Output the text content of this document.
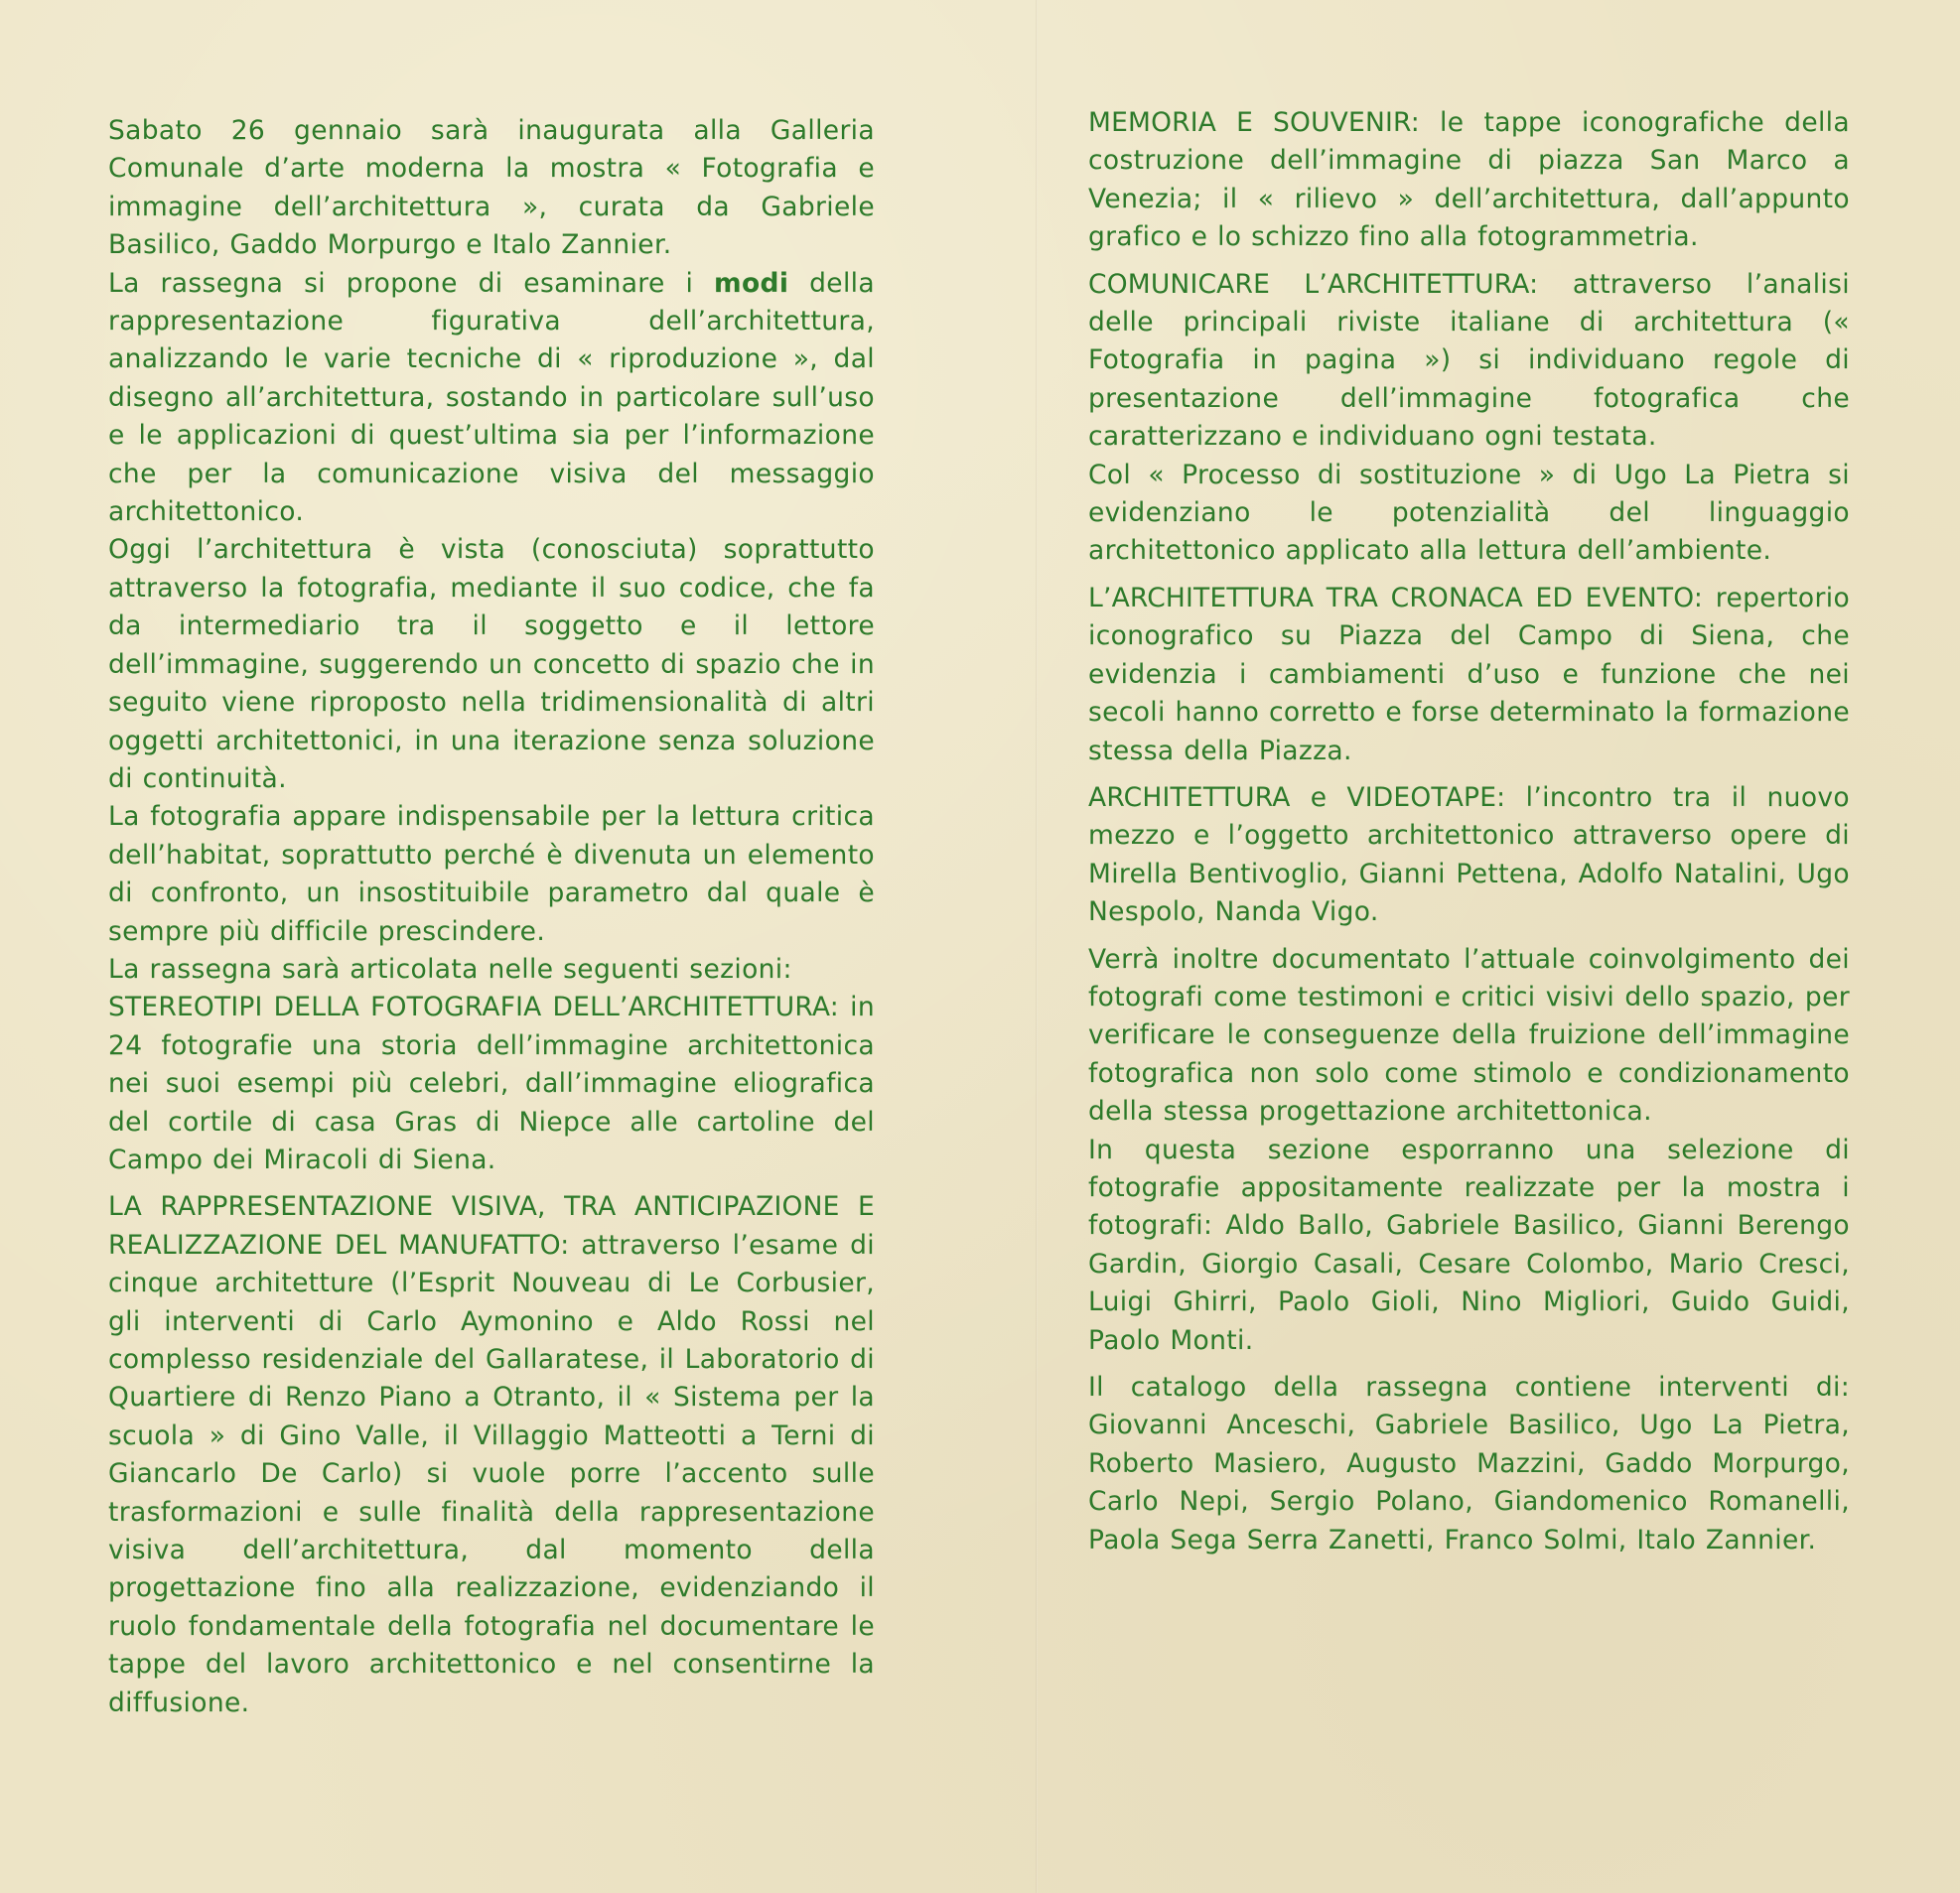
Sabato 26 gennaio sarà inaugurata alla Galleria Comunale d’arte moderna la mostra « Fotografia e immagine dell’architettura », curata da Gabriele Basilico, Gaddo Morpurgo e Italo Zannier.

La rassegna si propone di esaminare i modi della rappresentazione figurativa dell’architettura, analizzando le varie tecniche di « riproduzione », dal disegno all’architettura, sostando in particolare sull’uso e le applicazioni di quest’ultima sia per l’informazione che per la comunicazione visiva del messaggio architettonico.

Oggi l’architettura è vista (conosciuta) soprattutto attraverso la fotografia, mediante il suo codice, che fa da intermediario tra il soggetto e il lettore dell’immagine, suggerendo un concetto di spazio che in seguito viene riproposto nella tridimensionalità di altri oggetti architettonici, in una iterazione senza soluzione di continuità.

La fotografia appare indispensabile per la lettura critica dell’habitat, soprattutto perché è divenuta un elemento di confronto, un insostituibile parametro dal quale è sempre più difficile prescindere.

La rassegna sarà articolata nelle seguenti sezioni:

STEREOTIPI DELLA FOTOGRAFIA DELL’ARCHITETTURA: in 24 fotografie una storia dell’immagine architettonica nei suoi esempi più celebri, dall’immagine eliografica del cortile di casa Gras di Niepce alle cartoline del Campo dei Miracoli di Siena.

LA RAPPRESENTAZIONE VISIVA, TRA ANTICIPAZIONE E REALIZZAZIONE DEL MANUFATTO: attraverso l’esame di cinque architetture (l’Esprit Nouveau di Le Corbusier, gli interventi di Carlo Aymonino e Aldo Rossi nel complesso residenziale del Gallaratese, il Laboratorio di Quartiere di Renzo Piano a Otranto, il « Sistema per la scuola » di Gino Valle, il Villaggio Matteotti a Terni di Giancarlo De Carlo) si vuole porre l’accento sulle trasformazioni e sulle finalità della rappresentazione visiva dell’architettura, dal momento della progettazione fino alla realizzazione, evidenziando il ruolo fondamentale della fotografia nel documentare le tappe del lavoro architettonico e nel consentirne la diffusione.

MEMORIA E SOUVENIR: le tappe iconografiche della costruzione dell’immagine di piazza San Marco a Venezia; il « rilievo » dell’architettura, dall’appunto grafico e lo schizzo fino alla fotogrammetria.

COMUNICARE L’ARCHITETTURA: attraverso l’analisi delle principali riviste italiane di architettura (« Fotografia in pagina ») si individuano regole di presentazione dell’immagine fotografica che caratterizzano e individuano ogni testata.

Col « Processo di sostituzione » di Ugo La Pietra si evidenziano le potenzialità del linguaggio architettonico applicato alla lettura dell’ambiente.

L’ARCHITETTURA TRA CRONACA ED EVENTO: repertorio iconografico su Piazza del Campo di Siena, che evidenzia i cambiamenti d’uso e funzione che nei secoli hanno corretto e forse determinato la formazione stessa della Piazza.

ARCHITETTURA e VIDEOTAPE: l’incontro tra il nuovo mezzo e l’oggetto architettonico attraverso opere di Mirella Bentivoglio, Gianni Pettena, Adolfo Natalini, Ugo Nespolo, Nanda Vigo.

Verrà inoltre documentato l’attuale coinvolgimento dei fotografi come testimoni e critici visivi dello spazio, per verificare le conseguenze della fruizione dell’immagine fotografica non solo come stimolo e condizionamento della stessa progettazione architettonica.

In questa sezione esporranno una selezione di fotografie appositamente realizzate per la mostra i fotografi: Aldo Ballo, Gabriele Basilico, Gianni Berengo Gardin, Giorgio Casali, Cesare Colombo, Mario Cresci, Luigi Ghirri, Paolo Gioli, Nino Migliori, Guido Guidi, Paolo Monti.

Il catalogo della rassegna contiene interventi di: Giovanni Anceschi, Gabriele Basilico, Ugo La Pietra, Roberto Masiero, Augusto Mazzini, Gaddo Morpurgo, Carlo Nepi, Sergio Polano, Giandomenico Romanelli, Paola Sega Serra Zanetti, Franco Solmi, Italo Zannier.
